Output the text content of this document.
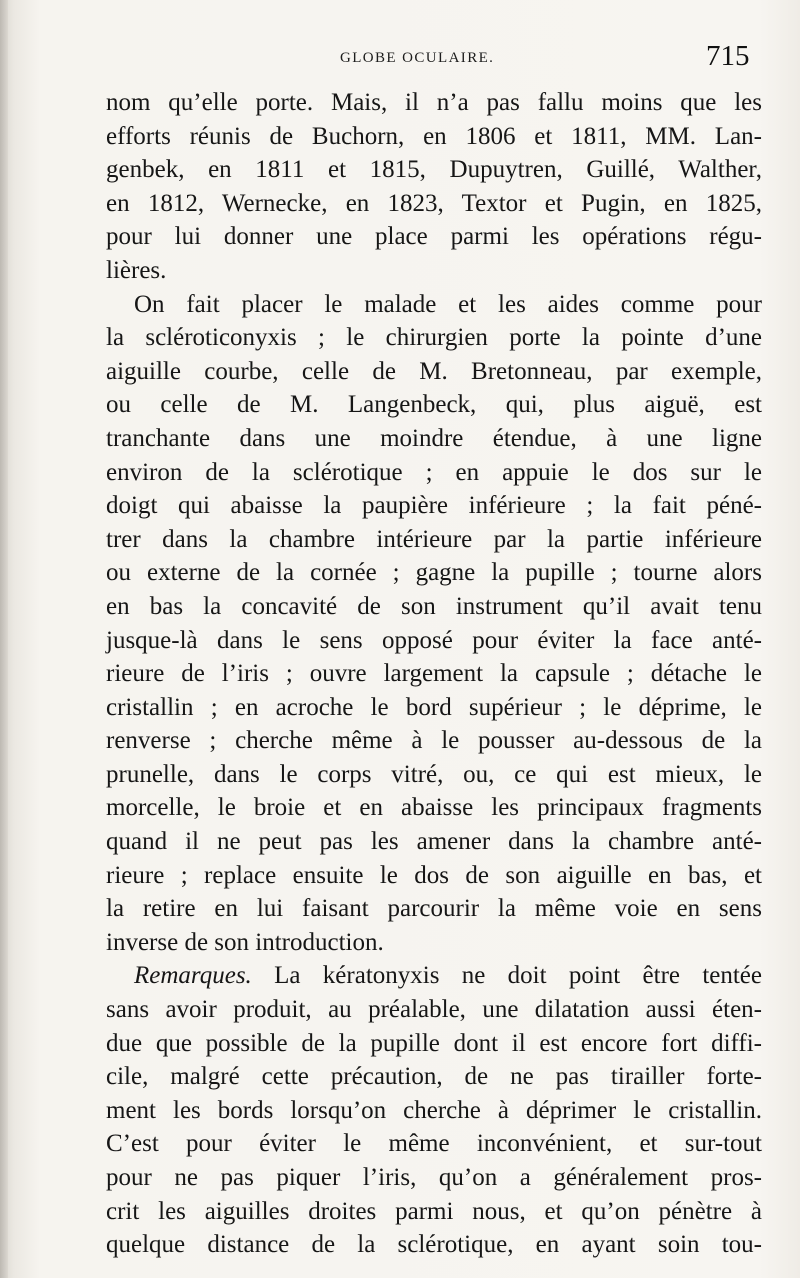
GLOBE OCULAIRE.	715
nom qu’elle porte. Mais, il n’a pas fallu moins que les
efforts réunis de Buchorn, en 1806 et 1811, MM. Lan-
genbek, en 1811 et 1815, Dupuytren, Guillé, Walther,
en 1812, Wernecke, en 1823, Textor et Pugin, en 1825,
pour lui donner une place parmi les opérations régu-
lières.
On fait placer le malade et les aides comme pour
la scléroticonyxis ; le chirurgien porte la pointe d’une
aiguille courbe, celle de M. Bretonneau, par exemple,
ou celle de M. Langenbeck, qui, plus aiguë, est
tranchante dans une moindre étendue, à une ligne
environ de la sclérotique ; en appuie le dos sur le
doigt qui abaisse la paupière inférieure ; la fait péné-
trer dans la chambre intérieure par la partie inférieure
ou externe de la cornée ; gagne la pupille ; tourne alors
en bas la concavité de son instrument qu’il avait tenu
jusque-là dans le sens opposé pour éviter la face anté-
rieure de l’iris ; ouvre largement la capsule ; détache le
cristallin ; en acroche le bord supérieur ; le déprime, le
renverse ; cherche même à le pousser au-dessous de la
prunelle, dans le corps vitré, ou, ce qui est mieux, le
morcelle, le broie et en abaisse les principaux fragments
quand il ne peut pas les amener dans la chambre anté-
rieure ; replace ensuite le dos de son aiguille en bas, et
la retire en lui faisant parcourir la même voie en sens
inverse de son introduction.
Remarques. La kératonyxis ne doit point être tentée
sans avoir produit, au préalable, une dilatation aussi éten-
due que possible de la pupille dont il est encore fort diffi-
cile, malgré cette précaution, de ne pas tirailler forte-
ment les bords lorsqu’on cherche à déprimer le cristallin.
C’est pour éviter le même inconvénient, et sur-tout
pour ne pas piquer l’iris, qu’on a généralement pros-
crit les aiguilles droites parmi nous, et qu’on pénètre à
quelque distance de la sclérotique, en ayant soin tou-
